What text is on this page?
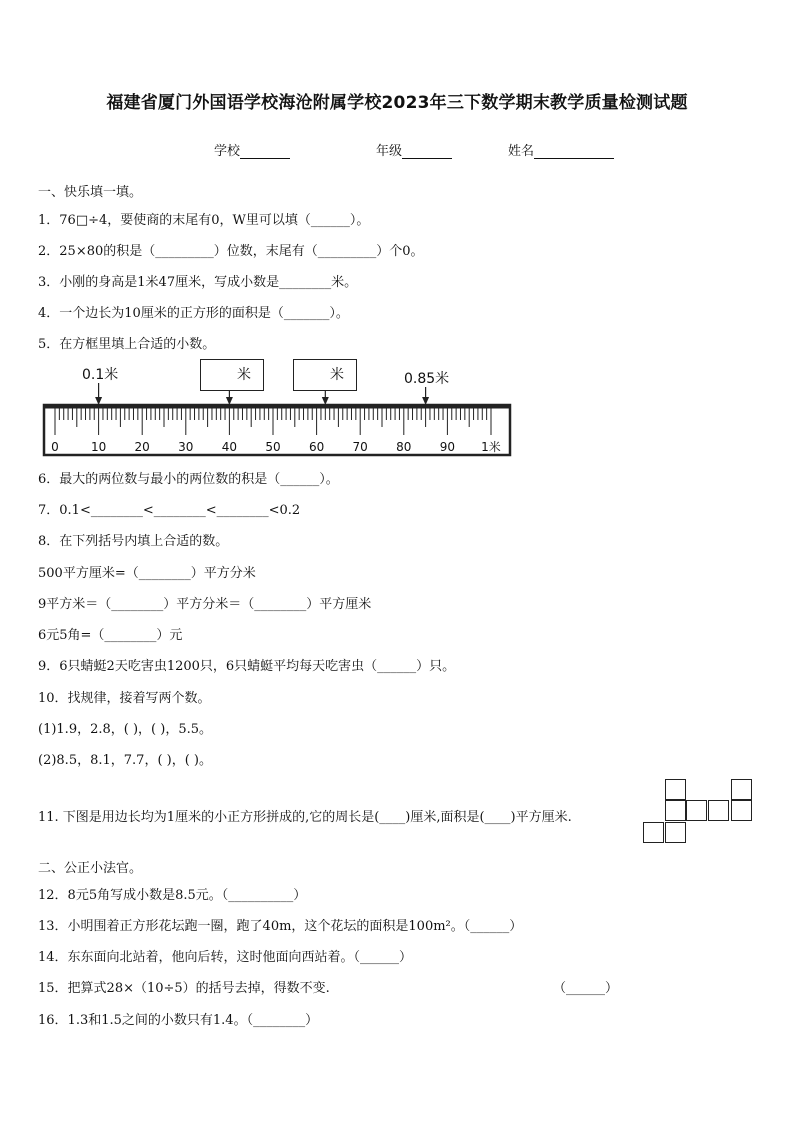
福建省厦门外国语学校海沧附属学校2023年三下数学期末教学质量检测试题
学校	年级	姓名
一、快乐填一填。
1．76□÷4，要使商的末尾有0，W里可以填（______）。
2．25×80的积是（_________）位数，末尾有（_________）个0。
3．小刚的身高是1米47厘米，写成小数是________米。
4．一个边长为10厘米的正方形的面积是（_______）。
5．在方框里填上合适的小数。
0.1米	0.85米
米	米
0	10 20 30 40 50 60 70 80 90 1米
6．最大的两位数与最小的两位数的积是（______）。
7．0.1<________<________<________<0.2
8．在下列括号内填上合适的数。
500平方厘米=（________）平方分米
9平方米＝（________）平方分米＝（________）平方厘米
6元5角=（________）元
9．6只蜻蜓2天吃害虫1200只，6只蜻蜓平均每天吃害虫（______）只。
10．找规律，接着写两个数。
(1)1.9，2.8，( )，( )，5.5。
(2)8.5，8.1，7.7，( )，( )。
11. 下图是用边长均为1厘米的小正方形拼成的,它的周长是(____)厘米,面积是(____)平方厘米.
二、公正小法官。
12．8元5角写成小数是8.5元。（__________）
13．小明围着正方形花坛跑一圈，跑了40m，这个花坛的面积是100m²。（______）
14．东东面向北站着，他向后转，这时他面向西站着。（______）
15．把算式28×（10÷5）的括号去掉，得数不变.	（______）
16．1.3和1.5之间的小数只有1.4。（________）
